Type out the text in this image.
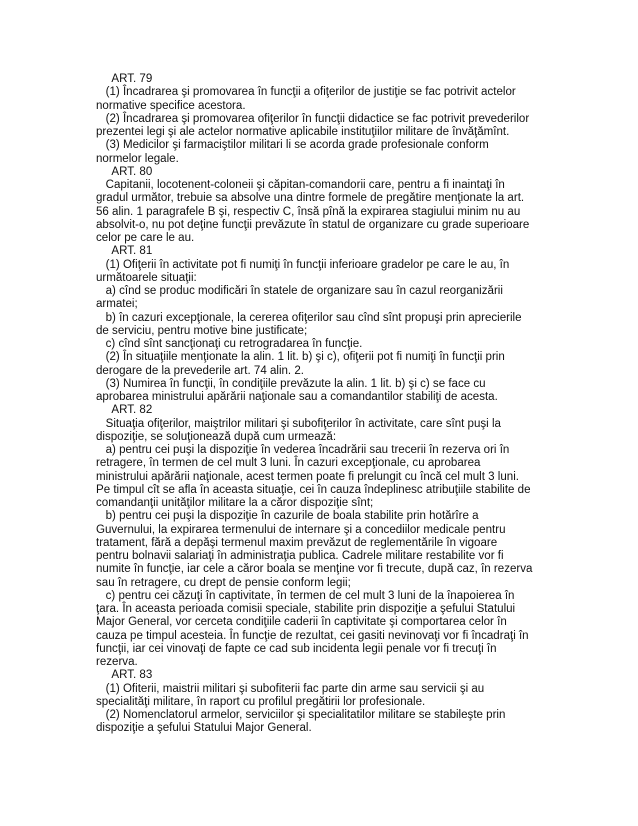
ART. 79
(1) Încadrarea şi promovarea în funcţii a ofiţerilor de justiţie se fac potrivit actelor
normative specifice acestora.
(2) Încadrarea şi promovarea ofiţerilor în funcţii didactice se fac potrivit prevederilor
prezentei legi şi ale actelor normative aplicabile instituţiilor militare de învăţămînt.
(3) Medicilor şi farmaciştilor militari li se acorda grade profesionale conform
normelor legale.
ART. 80
Capitanii, locotenent-coloneii şi căpitan-comandorii care, pentru a fi inaintaţi în
gradul următor, trebuie sa absolve una dintre formele de pregătire menţionate la art.
56 alin. 1 paragrafele B şi, respectiv C, însă pînă la expirarea stagiului minim nu au
absolvit-o, nu pot deţine funcţii prevăzute în statul de organizare cu grade superioare
celor pe care le au.
ART. 81
(1) Ofiţerii în activitate pot fi numiţi în funcţii inferioare gradelor pe care le au, în
următoarele situaţii:
a) cînd se produc modificări în statele de organizare sau în cazul reorganizării
armatei;
b) în cazuri excepţionale, la cererea ofiţerilor sau cînd sînt propuşi prin aprecierile
de serviciu, pentru motive bine justificate;
c) cînd sînt sancţionaţi cu retrogradarea în funcţie.
(2) În situaţiile menţionate la alin. 1 lit. b) şi c), ofiţerii pot fi numiţi în funcţii prin
derogare de la prevederile art. 74 alin. 2.
(3) Numirea în funcţii, în condiţiile prevăzute la alin. 1 lit. b) şi c) se face cu
aprobarea ministrului apărării naţionale sau a comandantilor stabiliţi de acesta.
ART. 82
Situaţia ofiţerilor, maiştrilor militari şi subofiţerilor în activitate, care sînt puşi la
dispoziţie, se soluţionează după cum urmează:
a) pentru cei puşi la dispoziţie în vederea încadrării sau trecerii în rezerva ori în
retragere, în termen de cel mult 3 luni. În cazuri excepţionale, cu aprobarea
ministrului apărării naţionale, acest termen poate fi prelungit cu încă cel mult 3 luni.
Pe timpul cît se afla în aceasta situaţie, cei în cauza îndeplinesc atribuţiile stabilite de
comandanţii unităţilor militare la a căror dispoziţie sînt;
b) pentru cei puşi la dispoziţie în cazurile de boala stabilite prin hotărîre a
Guvernului, la expirarea termenului de internare şi a concediilor medicale pentru
tratament, fără a depăşi termenul maxim prevăzut de reglementările în vigoare
pentru bolnavii salariaţi în administraţia publica. Cadrele militare restabilite vor fi
numite în funcţie, iar cele a căror boala se menţine vor fi trecute, după caz, în rezerva
sau în retragere, cu drept de pensie conform legii;
c) pentru cei căzuţi în captivitate, în termen de cel mult 3 luni de la înapoierea în
ţara. În aceasta perioada comisii speciale, stabilite prin dispoziţie a şefului Statului
Major General, vor cerceta condiţiile caderii în captivitate şi comportarea celor în
cauza pe timpul acesteia. În funcţie de rezultat, cei gasiti nevinovaţi vor fi încadraţi în
funcţii, iar cei vinovaţi de fapte ce cad sub incidenta legii penale vor fi trecuţi în
rezerva.
ART. 83
(1) Ofiterii, maistrii militari şi subofiterii fac parte din arme sau servicii şi au
specialităţi militare, în raport cu profilul pregătirii lor profesionale.
(2) Nomenclatorul armelor, serviciilor şi specialitatilor militare se stabileşte prin
dispoziţie a şefului Statului Major General.
